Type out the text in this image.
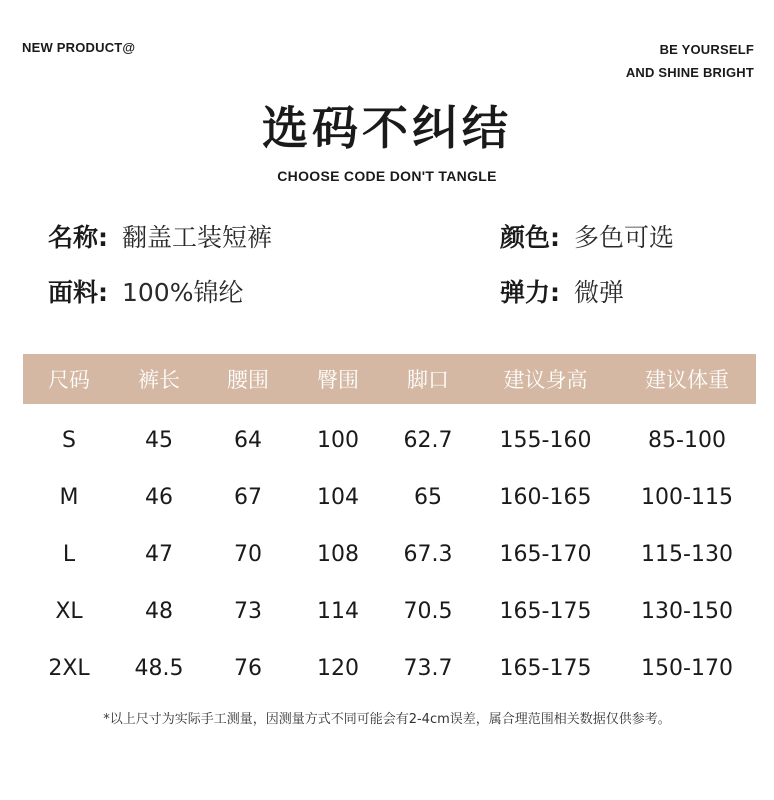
NEW PRODUCT@	BE YOURSELF
AND SHINE BRIGHT
选码不纠结
CHOOSE CODE DON'T TANGLE
名称: 翻盖工装短裤	颜色: 多色可选
面料: 100%锦纶	弹力: 微弹
尺码	裤长	腰围	臀围	脚口	建议身高	建议体重
S	45	64	100	62.7	155-160	85-100
M	46	67	104	65	160-165	100-115
L	47	70	108	67.3	165-170	115-130
XL	48	73	114	70.5	165-175	130-150
2XL	48.5	76	120	73.7	165-175	150-170
*以上尺寸为实际手工测量，因测量方式不同可能会有2-4cm误差，属合理范围相关数据仅供参考。
